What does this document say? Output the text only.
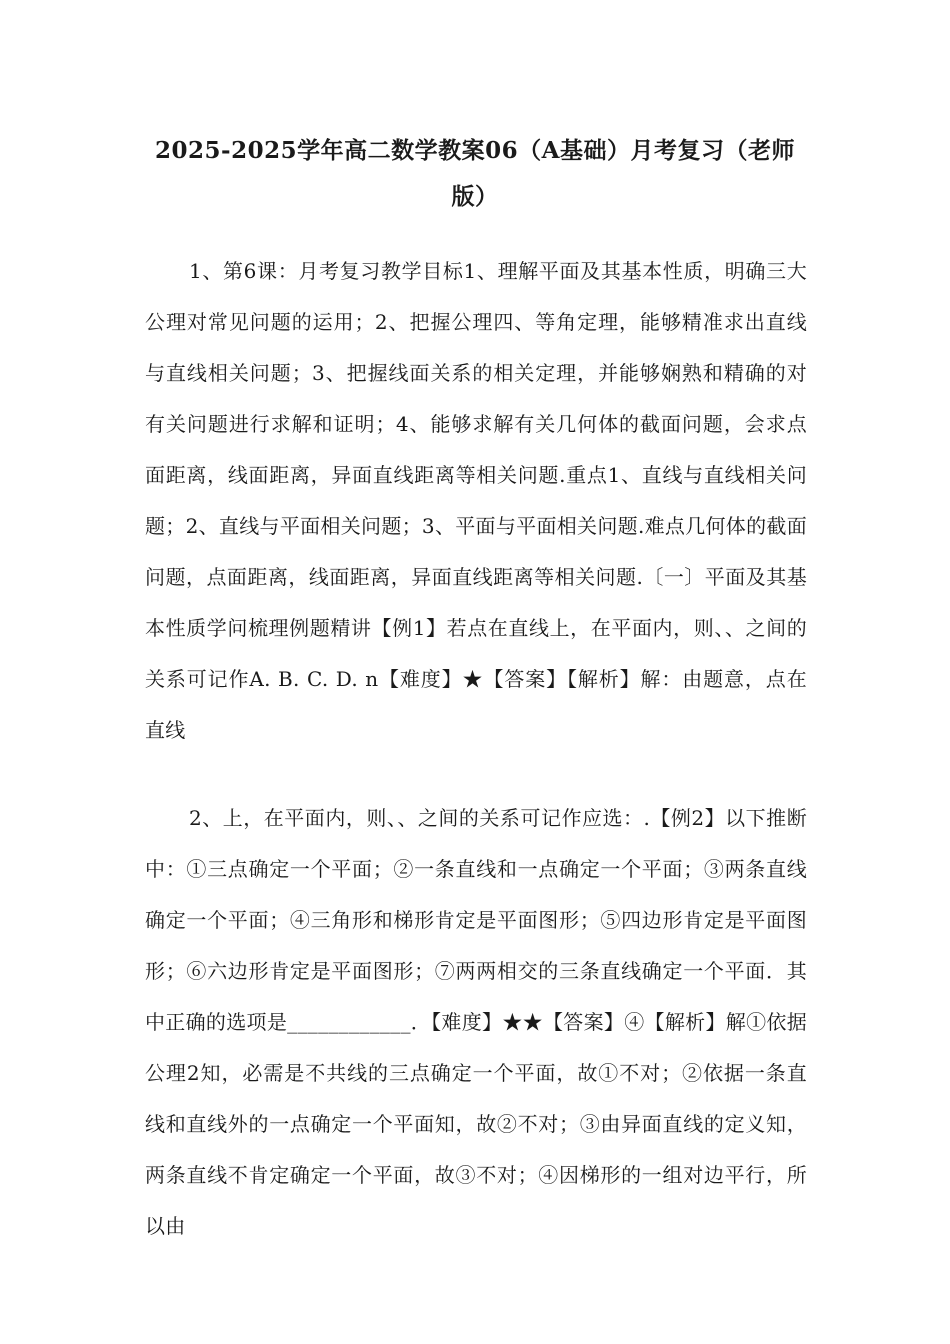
2025-2025学年高二数学教案06（A基础）月考复习（老师版）

1、第6课：月考复习教学目标1、理解平面及其基本性质，明确三大公理对常见问题的运用；2、把握公理四、等角定理，能够精准求出直线与直线相关问题；3、把握线面关系的相关定理，并能够娴熟和精确的对有关问题进行求解和证明；4、能够求解有关几何体的截面问题，会求点面距离，线面距离，异面直线距离等相关问题.重点1、直线与直线相关问题；2、直线与平面相关问题；3、平面与平面相关问题.难点几何体的截面问题，点面距离，线面距离，异面直线距离等相关问题.〔一〕平面及其基本性质学问梳理例题精讲【例1】若点在直线上，在平面内，则、、之间的关系可记作A. B. C. D. n【难度】★【答案】【解析】解：由题意，点在直线

2、上，在平面内，则、、之间的关系可记作应选：.【例2】以下推断中：①三点确定一个平面；②一条直线和一点确定一个平面；③两条直线确定一个平面；④三角形和梯形肯定是平面图形；⑤四边形肯定是平面图形；⑥六边形肯定是平面图形；⑦两两相交的三条直线确定一个平面．其中正确的选项是____________．【难度】★★【答案】④【解析】解①依据公理2知，必需是不共线的三点确定一个平面，故①不对；②依据一条直线和直线外的一点确定一个平面知，故②不对；③由异面直线的定义知，两条直线不肯定确定一个平面，故③不对；④因梯形的一组对边平行，所以由
